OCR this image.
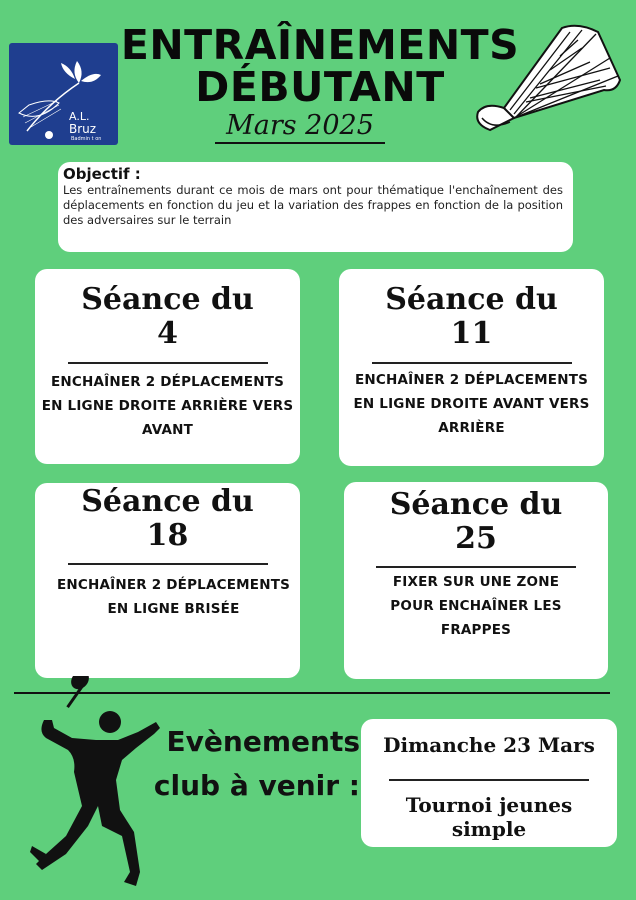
A.L.
Bruz
Badmin t on
ENTRAÎNEMENTS
DÉBUTANT
Mars 2025
Objectif :
Les entraînements durant ce mois de mars ont pour thématique l'enchaînement des déplacements en fonction du jeu et la variation des frappes en fonction de la position des adversaires sur le terrain
Séance du
4
ENCHAÎNER 2 DÉPLACEMENTS EN LIGNE DROITE ARRIÈRE VERS AVANT
Séance du
11
ENCHAÎNER 2 DÉPLACEMENTS EN LIGNE DROITE AVANT VERS ARRIÈRE
Séance du
18
ENCHAÎNER 2 DÉPLACEMENTS EN LIGNE BRISÉE
Séance du
25
FIXER SUR UNE ZONE POUR ENCHAÎNER LES FRAPPES
Evènements
club à venir :
Dimanche 23 Mars
Tournoi jeunes simple
